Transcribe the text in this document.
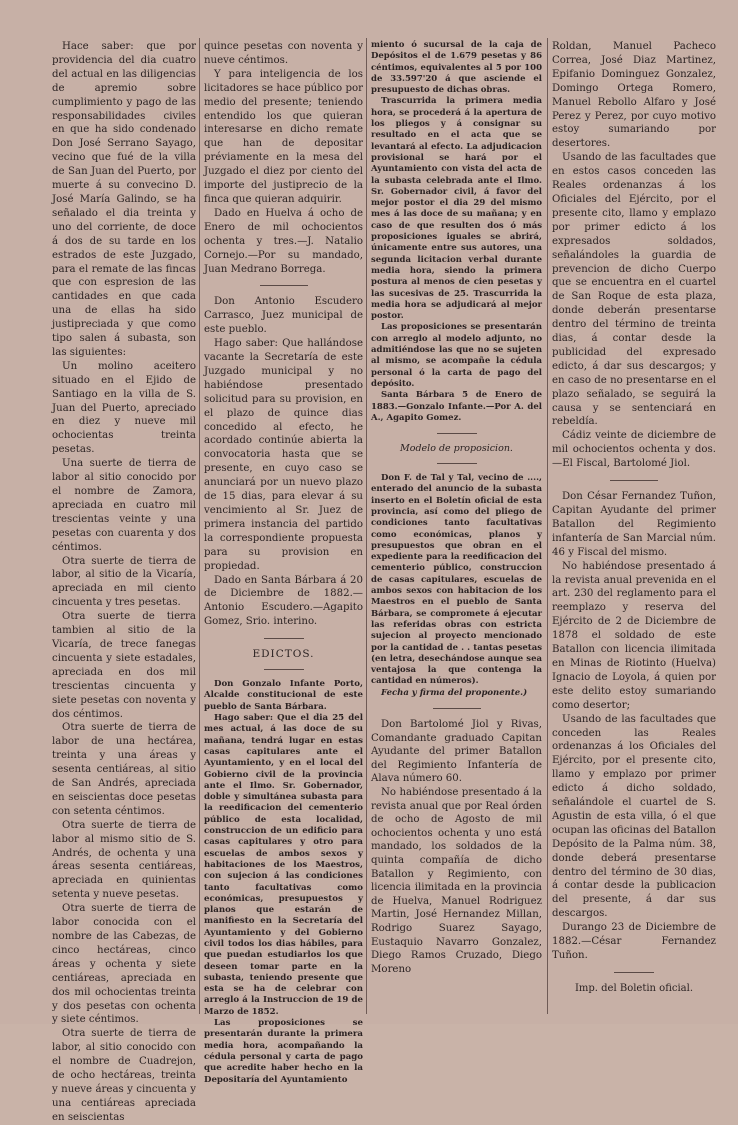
Hace saber: que por providencia del dia cuatro del actual en las diligencias de apremio sobre cumplimiento y pago de las responsabilidades civiles en que ha sido condenado Don José Serrano Sayago, vecino que fué de la villa de San Juan del Puerto, por muerte á su convecino D. José María Galindo, se ha señalado el dia treinta y uno del corriente, de doce á dos de su tarde en los estrados de este Juzgado, para el remate de las fincas que con espresion de las cantidades en que cada una de ellas ha sido justipreciada y que como tipo salen á subasta, son las siguientes:

Un molino aceitero situado en el Ejido de Santiago en la villa de S. Juan del Puerto, apreciado en diez y nueve mil ochocientas treinta pesetas.

Una suerte de tierra de labor al sitio conocido por el nombre de Zamora, apreciada en cuatro mil trescientas veinte y una pesetas con cuarenta y dos céntimos.

Otra suerte de tierra de labor, al sitio de la Vicaría, apreciada en mil ciento cincuenta y tres pesetas.

Otra suerte de tierra tambien al sitio de la Vicaría, de trece fanegas cincuenta y siete estadales, apreciada en dos mil trescientas cincuenta y siete pesetas con noventa y dos céntimos.

Otra suerte de tierra de labor de una hectárea, treinta y una áreas y sesenta centiáreas, al sitio de San Andrés, apreciada en seiscientas doce pesetas con setenta céntimos.

Otra suerte de tierra de labor al mismo sitio de S. Andrés, de ochenta y una áreas sesenta centiáreas, apreciada en quinientas setenta y nueve pesetas.

Otra suerte de tierra de labor conocida con el nombre de las Cabezas, de cinco hectáreas, cinco áreas y ochenta y siete centiáreas, apreciada en dos mil ochocientas treinta y dos pesetas con ochenta y siete céntimos.

Otra suerte de tierra de labor, al sitio conocido con el nombre de Cuadrejon, de ocho hectáreas, treinta y nueve áreas y cincuenta y una centiáreas apreciada en seiscientas

quince pesetas con noventa y nueve céntimos.

Y para inteligencia de los licitadores se hace público por medio del presente; teniendo entendido los que quieran interesarse en dicho remate que han de depositar préviamente en la mesa del Juzgado el diez por ciento del importe del justiprecio de la finca que quieran adquirir.

Dado en Huelva á ocho de Enero de mil ochocientos ochenta y tres.—J. Natalio Cornejo.—Por su mandado, Juan Medrano Borrega.

Don Antonio Escudero Carrasco, Juez municipal de este pueblo.

Hago saber: Que hallándose vacante la Secretaría de este Juzgado municipal y no habiéndose presentado solicitud para su provision, en el plazo de quince dias concedido al efecto, he acordado continúe abierta la convocatoria hasta que se presente, en cuyo caso se anunciará por un nuevo plazo de 15 dias, para elevar á su vencimiento al Sr. Juez de primera instancia del partido la correspondiente propuesta para su provision en propiedad.

Dado en Santa Bárbara á 20 de Diciembre de 1882.—Antonio Escudero.—Agapito Gomez, Srio. interino.

EDICTOS.

Don Gonzalo Infante Porto, Alcalde constitucional de este pueblo de Santa Bárbara.

Hago saber: Que el dia 25 del mes actual, á las doce de su mañana, tendrá lugar en estas casas capitulares ante el Ayuntamiento, y en el local del Gobierno civil de la provincia ante el Ilmo. Sr. Gobernador, doble y simultánea subasta para la reedificacion del cementerio público de esta localidad, construccion de un edificio para casas capitulares y otro para escuelas de ambos sexos y habitaciones de los Maestros, con sujecion á las condiciones tanto facultativas como económicas, presupuestos y planos que estarán de manifiesto en la Secretaría del Ayuntamiento y del Gobierno civil todos los dias hábiles, para que puedan estudiarlos los que deseen tomar parte en la subasta, teniendo presente que esta se ha de celebrar con arreglo á la Instruccion de 19 de Marzo de 1852.

Las proposiciones se presentarán durante la primera media hora, acompañando la cédula personal y carta de pago que acredite haber hecho en la Depositaría del Ayuntamiento

miento ó sucursal de la caja de Depósitos el de 1.679 pesetas y 86 céntimos, equivalentes al 5 por 100 de 33.597'20 á que asciende el presupuesto de dichas obras.

Trascurrida la primera media hora, se procederá á la apertura de los pliegos y á consignar su resultado en el acta que se levantará al efecto. La adjudicacion provisional se hará por el Ayuntamiento con vista del acta de la subasta celebrada ante el Ilmo. Sr. Gobernador civil, á favor del mejor postor el dia 29 del mismo mes á las doce de su mañana; y en caso de que resulten dos ó más proposiciones iguales se abrirá, únicamente entre sus autores, una segunda licitacion verbal durante media hora, siendo la primera postura al menos de cien pesetas y las sucesivas de 25. Trascurrida la media hora se adjudicará al mejor postor.

Las proposiciones se presentarán con arreglo al modelo adjunto, no admitiéndose las que no se sujeten al mismo, se acompañe la cédula personal ó la carta de pago del depósito.

Santa Bárbara 5 de Enero de 1883.—Gonzalo Infante.—Por A. del A., Agapito Gomez.

Modelo de proposicion.

Don F. de Tal y Tal, vecino de ...., enterado del anuncio de la subasta inserto en el Boletín oficial de esta provincia, así como del pliego de condiciones tanto facultativas como económicas, planos y presupuestos que obran en el expediente para la reedificacion del cementerio público, construccion de casas capitulares, escuelas de ambos sexos con habitacion de los Maestros en el pueblo de Santa Bárbara, se compromete á ejecutar las referidas obras con estricta sujecion al proyecto mencionado por la cantidad de . . tantas pesetas (en letra, desechándose aunque sea ventajosa la que contenga la cantidad en números).

Fecha y firma del proponente.)

Don Bartolomé Jiol y Rivas, Comandante graduado Capitan Ayudante del primer Batallon del Regimiento Infantería de Alava número 60.

No habiéndose presentado á la revista anual que por Real órden de ocho de Agosto de mil ochocientos ochenta y uno está mandado, los soldados de la quinta compañía de dicho Batallon y Regimiento, con licencia ilimitada en la provincia de Huelva, Manuel Rodriguez Martin, José Hernandez Millan, Rodrigo Suarez Sayago, Eustaquio Navarro Gonzalez, Diego Ramos Cruzado, Diego Moreno

Roldan, Manuel Pacheco Correa, José Diaz Martinez, Epifanio Dominguez Gonzalez, Domingo Ortega Romero, Manuel Rebollo Alfaro y José Perez y Perez, por cuyo motivo estoy sumariando por desertores.

Usando de las facultades que en estos casos conceden las Reales ordenanzas á los Oficiales del Ejército, por el presente cito, llamo y emplazo por primer edicto á los expresados soldados, señalándoles la guardia de prevencion de dicho Cuerpo que se encuentra en el cuartel de San Roque de esta plaza, donde deberán presentarse dentro del término de treinta dias, á contar desde la publicidad del expresado edicto, á dar sus descargos; y en caso de no presentarse en el plazo señalado, se seguirá la causa y se sentenciará en rebeldía.

Cádiz veinte de diciembre de mil ochocientos ochenta y dos.—El Fiscal, Bartolomé Jiol.

Don César Fernandez Tuñon, Capitan Ayudante del primer Batallon del Regimiento infantería de San Marcial núm. 46 y Fiscal del mismo.

No habiéndose presentado á la revista anual prevenida en el art. 230 del reglamento para el reemplazo y reserva del Ejército de 2 de Diciembre de 1878 el soldado de este Batallon con licencia ilimitada en Minas de Riotinto (Huelva) Ignacio de Loyola, á quien por este delito estoy sumariando como desertor;

Usando de las facultades que conceden las Reales ordenanzas á los Oficiales del Ejército, por el presente cito, llamo y emplazo por primer edicto á dicho soldado, señalándole el cuartel de S. Agustin de esta villa, ó el que ocupan las oficinas del Batallon Depósito de la Palma núm. 38, donde deberá presentarse dentro del término de 30 dias, á contar desde la publicacion del presente, á dar sus descargos.

Durango 23 de Diciembre de 1882.—César Fernandez Tuñon.

Imp. del Boletin oficial.
